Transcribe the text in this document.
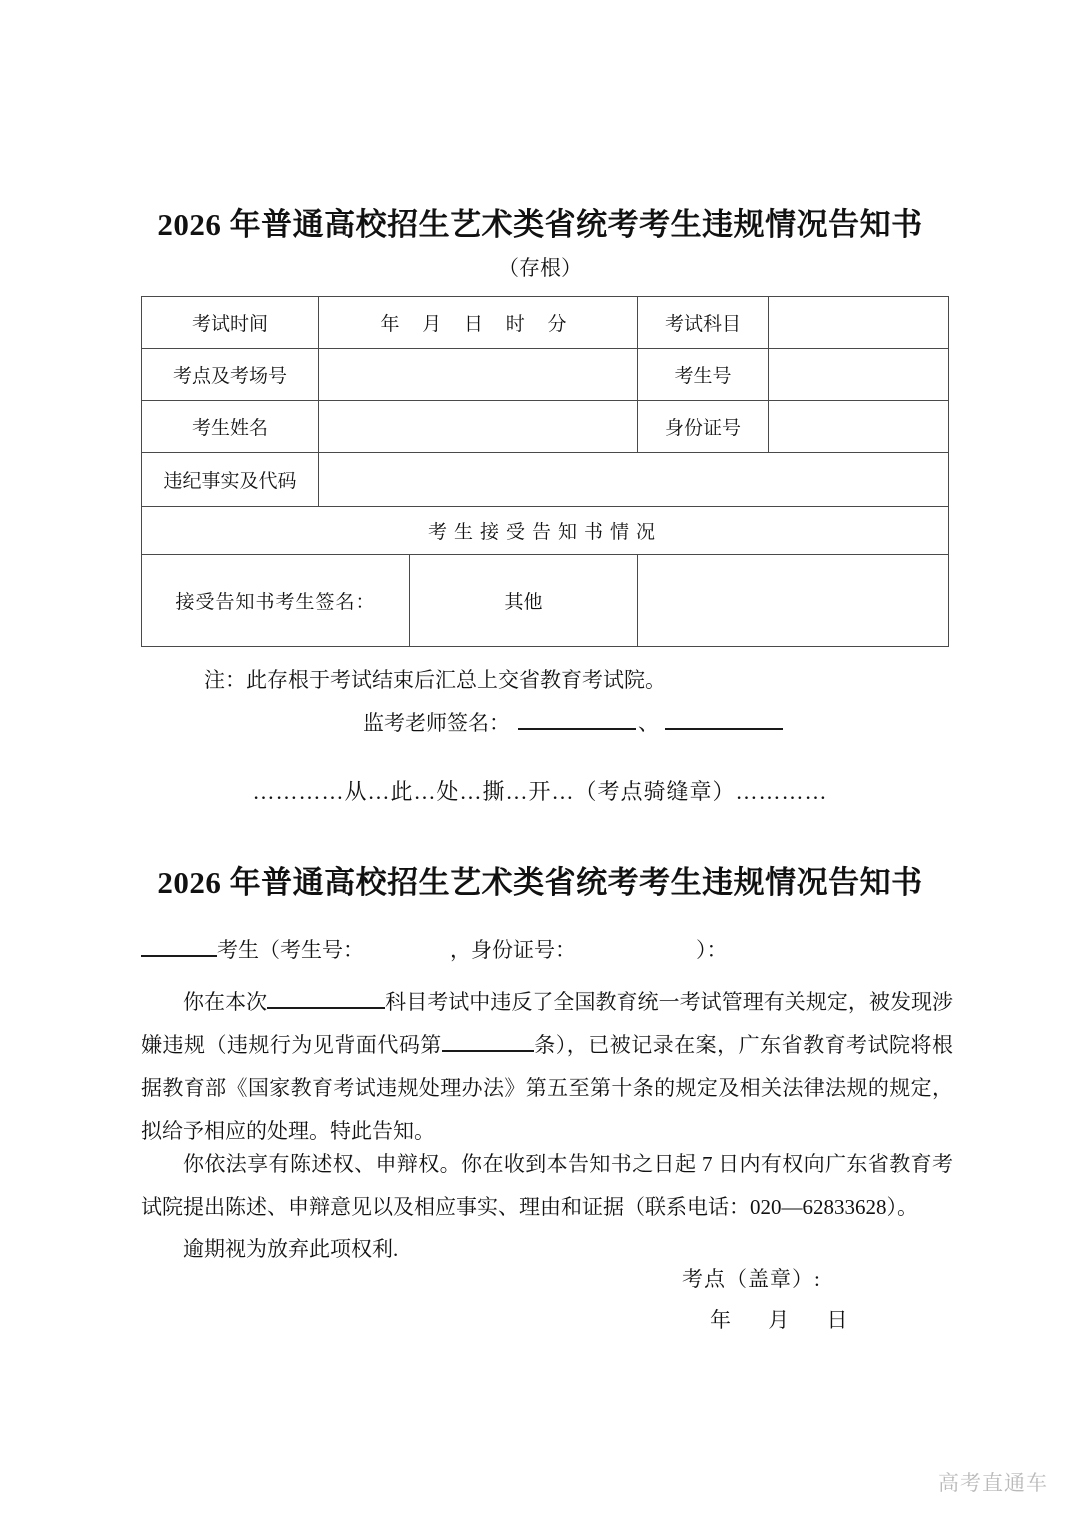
2026 年普通高校招生艺术类省统考考生违规情况告知书
（存根）
考试时间	年 月 日 时 分		考试科目	
考点及考场号			考生号	
考生姓名			身份证号	
违纪事实及代码				
考生接受告知书情况				
接受告知书考生签名：		其他		
注：此存根于考试结束后汇总上交省教育考试院。
监考老师签名：	、
…………从…此…处…撕…开…（考点骑缝章）…………
2026 年普通高校招生艺术类省统考考生违规情况告知书
考生（考生号：	，身份证号：	）：
你在本次	科目考试中违反了全国教育统一考试管理有关规定，被发现涉嫌违规（违规行为见背面代码第	条），已被记录在案，广东省教育考试院将根据教育部《国家教育考试违规处理办法》第五至第十条的规定及相关法律法规的规定，拟给予相应的处理。特此告知。
你依法享有陈述权、申辩权。你在收到本告知书之日起 7 日内有权向广东省教育考试院提出陈述、申辩意见以及相应事实、理由和证据（联系电话：020—62833628）。
逾期视为放弃此项权利.
考点（盖章）:
年 月 日
高考直通车
